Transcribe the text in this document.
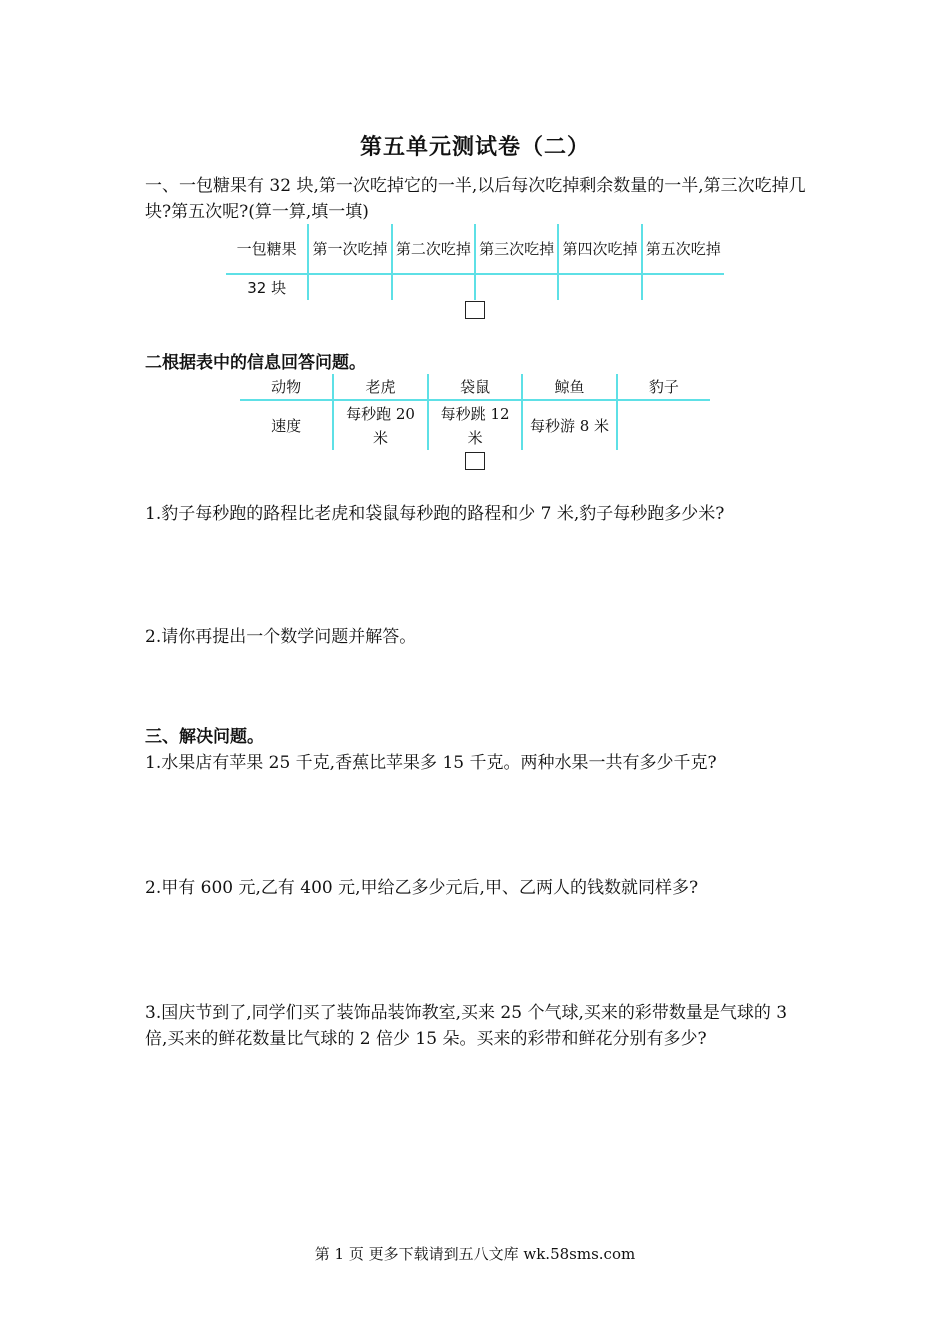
第五单元测试卷（二）
一、一包糖果有 32 块,第一次吃掉它的一半,以后每次吃掉剩余数量的一半,第三次吃掉几块?第五次呢?(算一算,填一填)
一包糖果	第一次吃掉	第二次吃掉	第三次吃掉	第四次吃掉	第五次吃掉
32 块					
二根据表中的信息回答问题。
动物	老虎	袋鼠	鲸鱼	豹子
速度	每秒跑 20 米	每秒跳 12 米	每秒游 8 米	
1.豹子每秒跑的路程比老虎和袋鼠每秒跑的路程和少 7 米,豹子每秒跑多少米?
2.请你再提出一个数学问题并解答。
三、解决问题。
1.水果店有苹果 25 千克,香蕉比苹果多 15 千克。两种水果一共有多少千克?
2.甲有 600 元,乙有 400 元,甲给乙多少元后,甲、乙两人的钱数就同样多?
3.国庆节到了,同学们买了装饰品装饰教室,买来 25 个气球,买来的彩带数量是气球的 3 倍,买来的鲜花数量比气球的 2 倍少 15 朵。买来的彩带和鲜花分别有多少?
第 1 页 更多下载请到五八文库 wk.58sms.com
